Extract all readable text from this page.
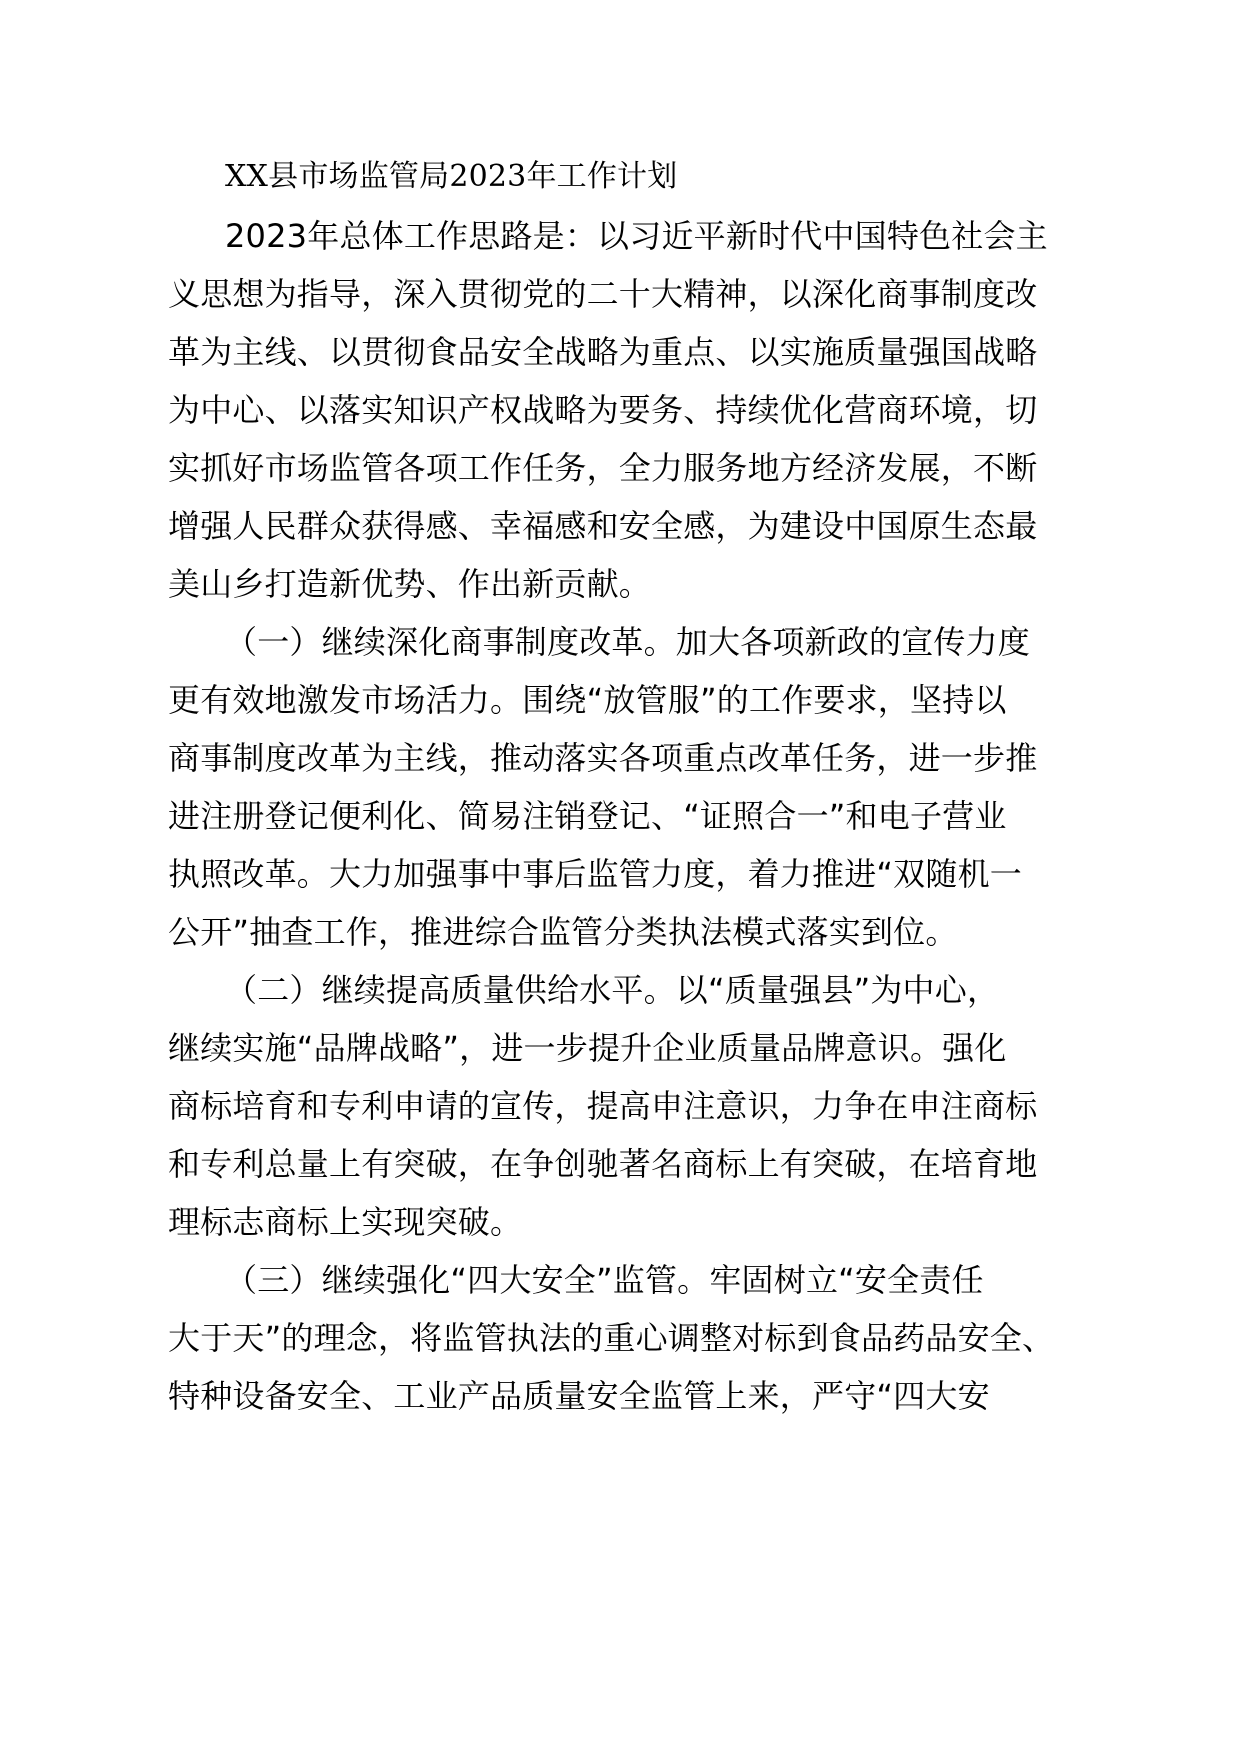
XX县市场监管局2023年工作计划
2023年总体工作思路是：以习近平新时代中国特色社会主
义思想为指导，深入贯彻党的二十大精神，以深化商事制度改
革为主线、以贯彻食品安全战略为重点、以实施质量强国战略
为中心、以落实知识产权战略为要务、持续优化营商环境，切
实抓好市场监管各项工作任务，全力服务地方经济发展，不断
增强人民群众获得感、幸福感和安全感，为建设中国原生态最
美山乡打造新优势、作出新贡献。
（一）继续深化商事制度改革。加大各项新政的宣传力度
更有效地激发市场活力。围绕“放管服”的工作要求，坚持以
商事制度改革为主线，推动落实各项重点改革任务，进一步推
进注册登记便利化、简易注销登记、“证照合一”和电子营业
执照改革。大力加强事中事后监管力度，着力推进“双随机一
公开”抽查工作，推进综合监管分类执法模式落实到位。
（二）继续提高质量供给水平。以“质量强县”为中心，
继续实施“品牌战略”，进一步提升企业质量品牌意识。强化
商标培育和专利申请的宣传，提高申注意识，力争在申注商标
和专利总量上有突破，在争创驰著名商标上有突破，在培育地
理标志商标上实现突破。
（三）继续强化“四大安全”监管。牢固树立“安全责任
大于天”的理念，将监管执法的重心调整对标到食品药品安全、
特种设备安全、工业产品质量安全监管上来，严守“四大安
